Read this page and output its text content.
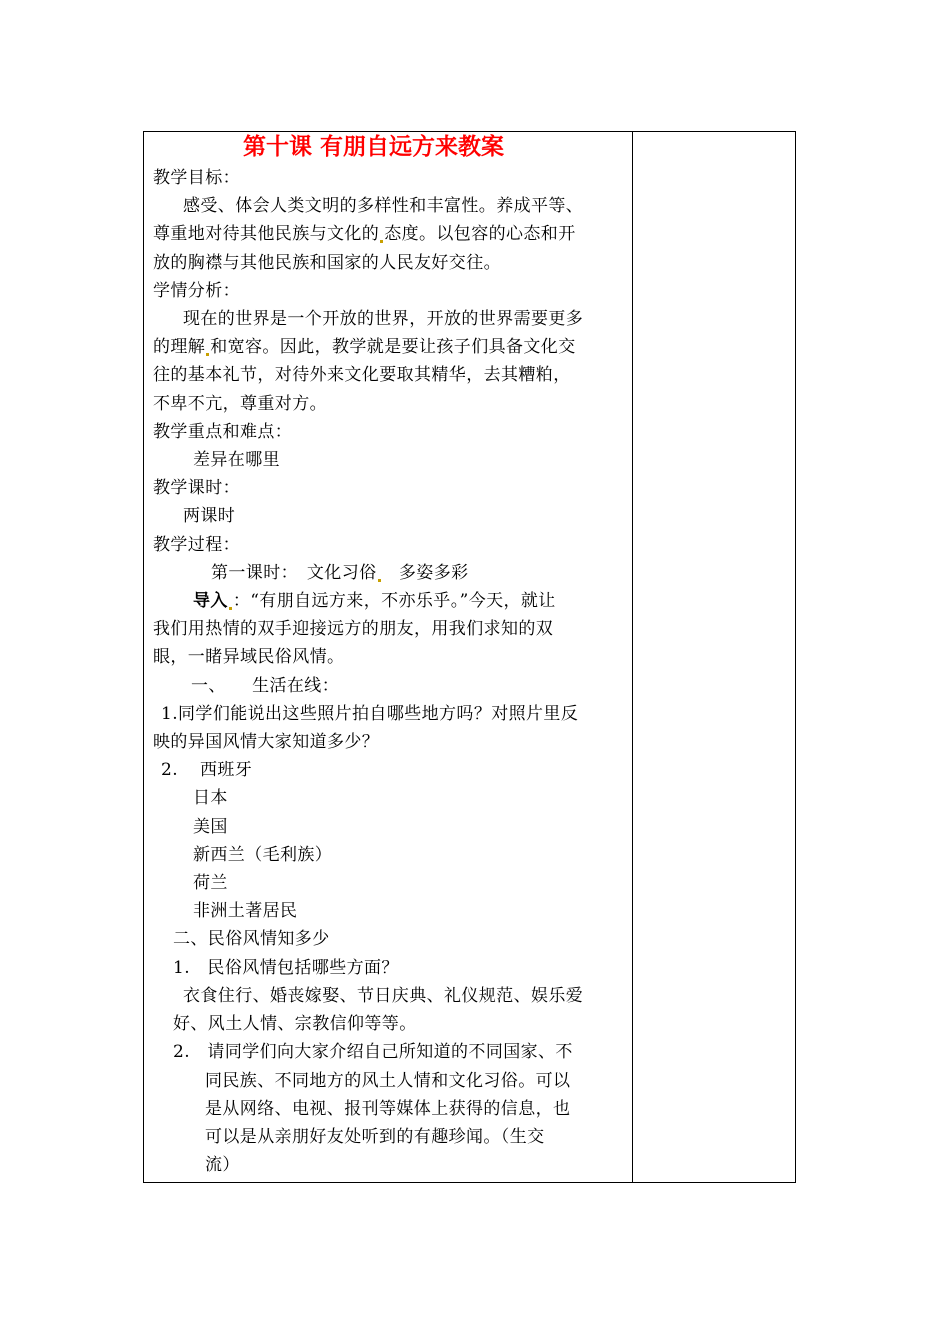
第十课 有朋自远方来教案

教学目标：

感受、体会人类文明的多样性和丰富性。养成平等、

尊重地对待其他民族与文化的 态度。以包容的心态和开

放的胸襟与其他民族和国家的人民友好交往。

学情分析：

现在的世界是一个开放的世界，开放的世界需要更多

的理解 和宽容。因此，教学就是要让孩子们具备文化交

往的基本礼节，对待外来文化要取其精华，去其糟粕，

不卑不亢，尊重对方。

教学重点和难点：

差异在哪里

教学课时：

两课时

教学过程：

第一课时：　文化习俗　多姿多彩

导入 ：“有朋自远方来，不亦乐乎。”今天，就让

我们用热情的双手迎接远方的朋友，用我们求知的双

眼，一睹异域民俗风情。

一、　　生活在线：

1.同学们能说出这些照片拍自哪些地方吗？对照片里反

映的异国风情大家知道多少？

2. 西班牙

日本

美国

新西兰（毛利族）

荷兰

非洲土著居民

二、民俗风情知多少

1.　民俗风情包括哪些方面？

衣食住行、婚丧嫁娶、节日庆典、礼仪规范、娱乐爱

好、风土人情、宗教信仰等等。

2.　请同学们向大家介绍自己所知道的不同国家、不

同民族、不同地方的风土人情和文化习俗。可以

是从网络、电视、报刊等媒体上获得的信息，也

可以是从亲朋好友处听到的有趣珍闻。（生交

流）
